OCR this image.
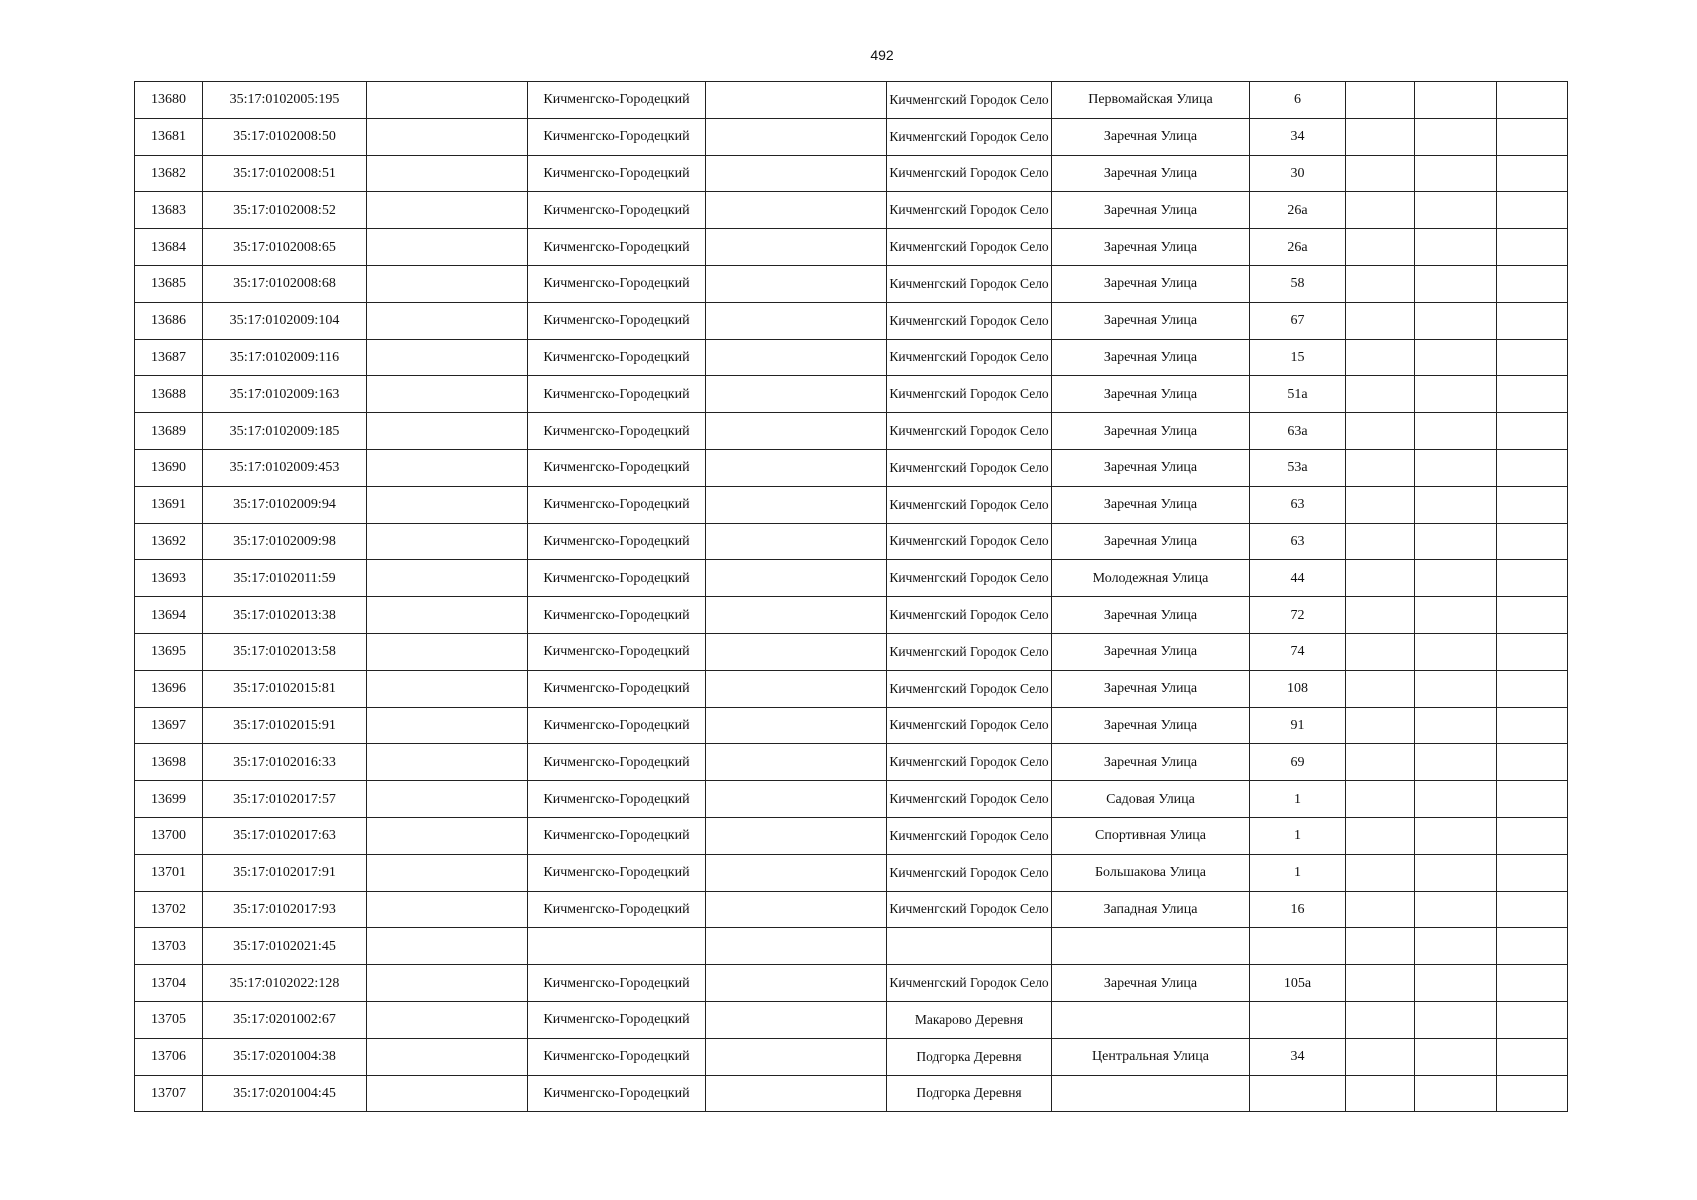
492
13680	35:17:0102005:195		Кичменгско-Городецкий		Кичменгский Городок Село	Первомайская Улица	6			
13681	35:17:0102008:50		Кичменгско-Городецкий		Кичменгский Городок Село	Заречная Улица	34			
13682	35:17:0102008:51		Кичменгско-Городецкий		Кичменгский Городок Село	Заречная Улица	30			
13683	35:17:0102008:52		Кичменгско-Городецкий		Кичменгский Городок Село	Заречная Улица	26а			
13684	35:17:0102008:65		Кичменгско-Городецкий		Кичменгский Городок Село	Заречная Улица	26а			
13685	35:17:0102008:68		Кичменгско-Городецкий		Кичменгский Городок Село	Заречная Улица	58			
13686	35:17:0102009:104		Кичменгско-Городецкий		Кичменгский Городок Село	Заречная Улица	67			
13687	35:17:0102009:116		Кичменгско-Городецкий		Кичменгский Городок Село	Заречная Улица	15			
13688	35:17:0102009:163		Кичменгско-Городецкий		Кичменгский Городок Село	Заречная Улица	51а			
13689	35:17:0102009:185		Кичменгско-Городецкий		Кичменгский Городок Село	Заречная Улица	63а			
13690	35:17:0102009:453		Кичменгско-Городецкий		Кичменгский Городок Село	Заречная Улица	53а			
13691	35:17:0102009:94		Кичменгско-Городецкий		Кичменгский Городок Село	Заречная Улица	63			
13692	35:17:0102009:98		Кичменгско-Городецкий		Кичменгский Городок Село	Заречная Улица	63			
13693	35:17:0102011:59		Кичменгско-Городецкий		Кичменгский Городок Село	Молодежная Улица	44			
13694	35:17:0102013:38		Кичменгско-Городецкий		Кичменгский Городок Село	Заречная Улица	72			
13695	35:17:0102013:58		Кичменгско-Городецкий		Кичменгский Городок Село	Заречная Улица	74			
13696	35:17:0102015:81		Кичменгско-Городецкий		Кичменгский Городок Село	Заречная Улица	108			
13697	35:17:0102015:91		Кичменгско-Городецкий		Кичменгский Городок Село	Заречная Улица	91			
13698	35:17:0102016:33		Кичменгско-Городецкий		Кичменгский Городок Село	Заречная Улица	69			
13699	35:17:0102017:57		Кичменгско-Городецкий		Кичменгский Городок Село	Садовая Улица	1			
13700	35:17:0102017:63		Кичменгско-Городецкий		Кичменгский Городок Село	Спортивная Улица	1			
13701	35:17:0102017:91		Кичменгско-Городецкий		Кичменгский Городок Село	Большакова Улица	1			
13702	35:17:0102017:93		Кичменгско-Городецкий		Кичменгский Городок Село	Западная Улица	16			
13703	35:17:0102021:45									
13704	35:17:0102022:128		Кичменгско-Городецкий		Кичменгский Городок Село	Заречная Улица	105а			
13705	35:17:0201002:67		Кичменгско-Городецкий		Макарово Деревня					
13706	35:17:0201004:38		Кичменгско-Городецкий		Подгорка Деревня	Центральная Улица	34			
13707	35:17:0201004:45		Кичменгско-Городецкий		Подгорка Деревня					
